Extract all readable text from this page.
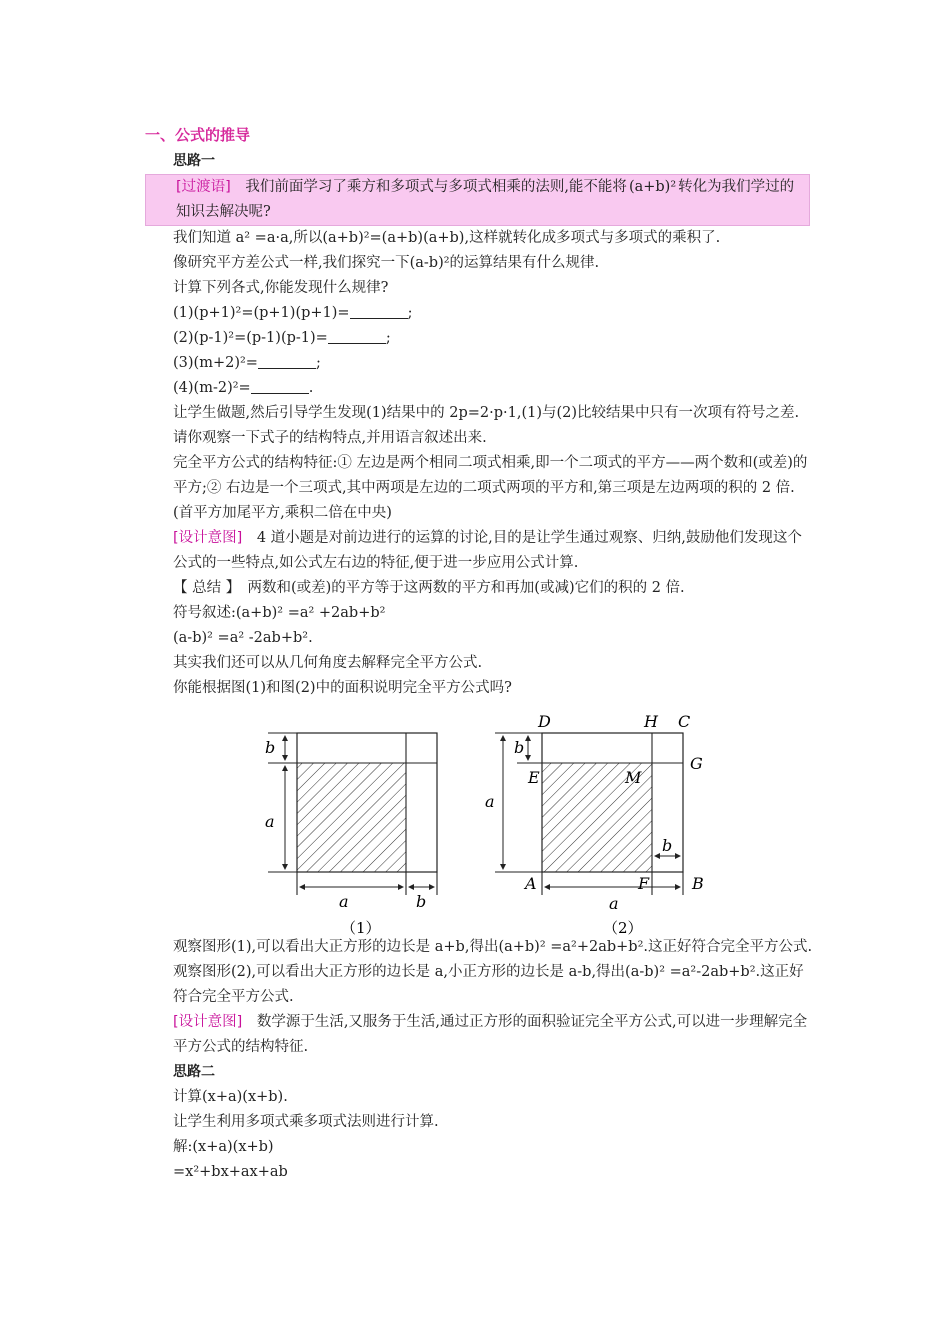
一、公式的推导
思路一
[过渡语]　我们前面学习了乘方和多项式与多项式相乘的法则,能不能将 (a+b)² 转化为我们学过的知识去解决呢?
我们知道 a² =a·a,所以(a+b)²=(a+b)(a+b),这样就转化成多项式与多项式的乘积了.
像研究平方差公式一样,我们探究一下(a-b)²的运算结果有什么规律.
计算下列各式,你能发现什么规律?
(1)(p+1)²=(p+1)(p+1)=	;
(2)(p-1)²=(p-1)(p-1)=	;
(3)(m+2)²=	;
(4)(m-2)²=	.
让学生做题,然后引导学生发现(1)结果中的 2p=2·p·1,(1)与(2)比较结果中只有一次项有符号之差.
请你观察一下式子的结构特点,并用语言叙述出来.
完全平方公式的结构特征:① 左边是两个相同二项式相乘,即一个二项式的平方——两个数和(或差)的平方;② 右边是一个三项式,其中两项是左边的二项式两项的平方和,第三项是左边两项的积的 2 倍.(首平方加尾平方,乘积二倍在中央)
[设计意图]　4 道小题是对前边进行的运算的讨论,目的是让学生通过观察、归纳,鼓励他们发现这个公式的一些特点,如公式左右边的特征,便于进一步应用公式计算.
【 总结 】　两数和(或差)的平方等于这两数的平方和再加(或减)它们的积的 2 倍.
符号叙述:(a+b)² =a² +2ab+b²
(a-b)² =a² -2ab+b².
其实我们还可以从几何角度去解释完全平方公式.
你能根据图(1)和图(2)中的面积说明完全平方公式吗?
b
a
a	b
（1）
D	H C
G
E	M
A	F	B
b
a
b
a
（2）
观察图形(1),可以看出大正方形的边长是 a+b,得出(a+b)² =a²+2ab+b².这正好符合完全平方公式.
观察图形(2),可以看出大正方形的边长是 a,小正方形的边长是 a-b,得出(a-b)² =a²-2ab+b².这正好符合完全平方公式.
[设计意图]　数学源于生活,又服务于生活,通过正方形的面积验证完全平方公式,可以进一步理解完全平方公式的结构特征.
思路二
计算(x+a)(x+b).
让学生利用多项式乘多项式法则进行计算.
解:(x+a)(x+b)
=x²+bx+ax+ab
